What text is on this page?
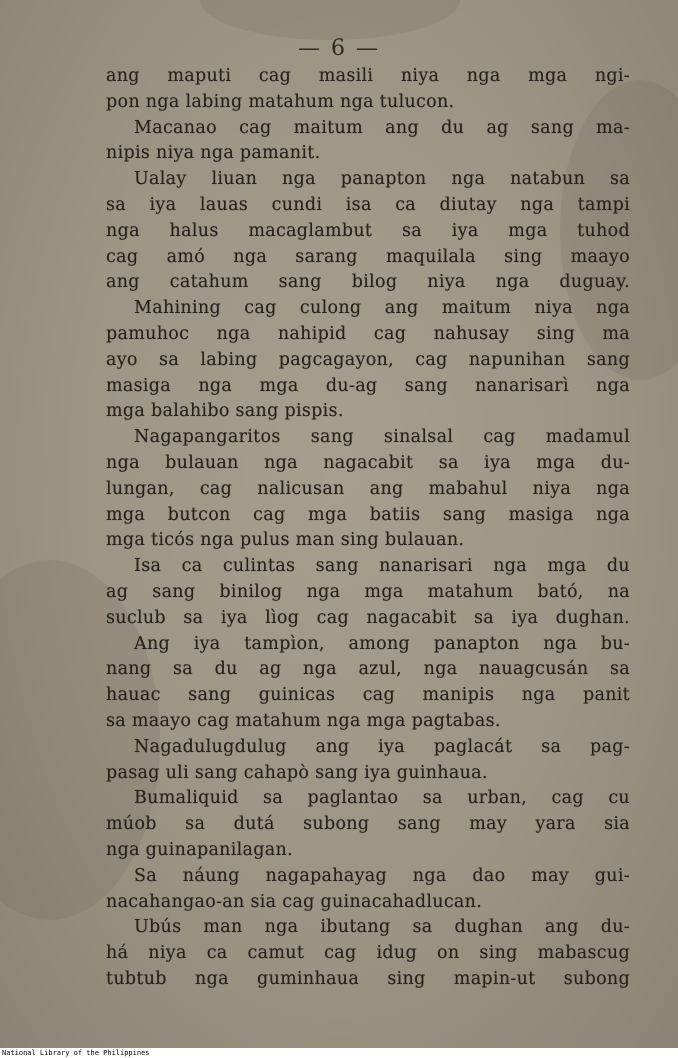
— 6 —
ang maputi cag masili niya nga mga ngi-
pon nga labing matahum nga tulucon.
Macanao cag maitum ang du ag sang ma-
nipis niya nga pamanit.
Ualay liuan nga panapton nga natabun sa
sa iya lauas cundi isa ca diutay nga tampi
nga halus macaglambut sa iya mga tuhod
cag amó nga sarang maquilala sing maayo
ang catahum sang bilog niya nga duguay.
Mahining cag culong ang maitum niya nga
pamuhoc nga nahipid cag nahusay sing ma
ayo sa labing pagcagayon, cag napunihan sang
masiga nga mga du-ag sang nanarisarì nga
mga balahibo sang pispis.
Nagapangaritos sang sinalsal cag madamul
nga bulauan nga nagacabit sa iya mga du-
lungan, cag nalicusan ang mabahul niya nga
mga butcon cag mga batiis sang masiga nga
mga ticós nga pulus man sing bulauan.
Isa ca culintas sang nanarisari nga mga du
ag sang binilog nga mga matahum bató, na
suclub sa iya lìog cag nagacabit sa iya dughan.
Ang iya tampìon, among panapton nga bu-
nang sa du ag nga azul, nga nauagcusán sa
hauac sang guinicas cag manipis nga panit
sa maayo cag matahum nga mga pagtabas.
Nagadulugdulug ang iya paglacát sa pag-
pasag uli sang cahapò sang iya guinhaua.
Bumaliquid sa paglantao sa urban, cag cu
múob sa dutá subong sang may yara sia
nga guinapanilagan.
Sa náung nagapahayag nga dao may gui-
nacahangao-an sia cag guinacahadlucan.
Ubús man nga ibutang sa dughan ang du-
há niya ca camut cag idug on sing mabascug
tubtub nga guminhaua sing mapin-ut subong
National Library of the Philippines
